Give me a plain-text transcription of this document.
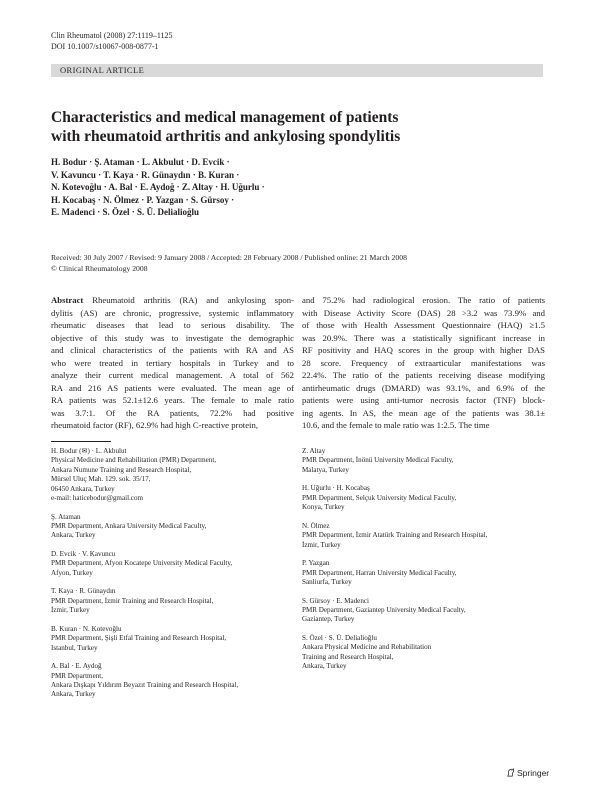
Clin Rheumatol (2008) 27:1119–1125
DOI 10.1007/s10067-008-0877-1
ORIGINAL ARTICLE
Characteristics and medical management of patients
with rheumatoid arthritis and ankylosing spondylitis
H. Bodur · Ş. Ataman · L. Akbulut · D. Evcik ·
V. Kavuncu · T. Kaya · R. Günaydın · B. Kuran ·
N. Kotevoğlu · A. Bal · E. Aydoğ · Z. Altay · H. Uğurlu ·
H. Kocabaş · N. Ölmez · P. Yazgan · S. Gürsoy ·
E. Madenci · S. Özel · S. Ü. Delialioğlu
Received: 30 July 2007 / Revised: 9 January 2008 / Accepted: 28 February 2008 / Published online: 21 March 2008
© Clinical Rheumatology 2008
Abstract Rheumatoid arthritis (RA) and ankylosing spon-
dylitis (AS) are chronic, progressive, systemic inflammatory
rheumatic diseases that lead to serious disability. The
objective of this study was to investigate the demographic
and clinical characteristics of the patients with RA and AS
who were treated in tertiary hospitals in Turkey and to
analyze their current medical management. A total of 562
RA and 216 AS patients were evaluated. The mean age of
RA patients was 52.1±12.6 years. The female to male ratio
was 3.7:1. Of the RA patients, 72.2% had positive
rheumatoid factor (RF), 62.9% had high C-reactive protein,
and 75.2% had radiological erosion. The ratio of patients
with Disease Activity Score (DAS) 28 >3.2 was 73.9% and
of those with Health Assessment Questionnaire (HAQ) ≥1.5
was 20.9%. There was a statistically significant increase in
RF positivity and HAQ scores in the group with higher DAS
28 score. Frequency of extraarticular manifestations was
22.4%. The ratio of the patients receiving disease modifying
antirheumatic drugs (DMARD) was 93.1%, and 6.9% of the
patients were using anti-tumor necrosis factor (TNF) block-
ing agents. In AS, the mean age of the patients was 38.1±
10.6, and the female to male ratio was 1:2.5. The time
H. Bodur (✉) · L. Akbulut
Physical Medicine and Rehabilitation (PMR) Department,
Ankara Numune Training and Research Hospital,
Mürsel Uluç Mah. 129. sok. 35/17,
06450 Ankara, Turkey
e-mail: haticebodur@gmail.com
Ş. Ataman
PMR Department, Ankara University Medical Faculty,
Ankara, Turkey
D. Evcik · V. Kavuncu
PMR Department, Afyon Kocatepe University Medical Faculty,
Afyon, Turkey
T. Kaya · R. Günaydın
PMR Department, İzmir Training and Research Hospital,
İzmir, Turkey
B. Kuran · N. Kotevoğlu
PMR Department, Şişli Etfal Training and Research Hospital,
Istanbul, Turkey
A. Bal · E. Aydoğ
PMR Department,
Ankara Dışkapı Yıldırım Beyazıt Training and Research Hospital,
Ankara, Turkey
Z. Altay
PMR Department, İnönü University Medical Faculty,
Malatya, Turkey
H. Uğurlu · H. Kocabaş
PMR Department, Selçuk University Medical Faculty,
Konya, Turkey
N. Ölmez
PMR Department, İzmir Atatürk Training and Research Hospital,
İzmir, Turkey
P. Yazgan
PMR Department, Harran University Medical Faculty,
Sanliurfa, Turkey
S. Gürsoy · E. Madenci
PMR Department, Gaziantep University Medical Faculty,
Gaziantep, Turkey
S. Özel · S. Ü. Delialioğlu
Ankara Physical Medicine and Rehabilitation
Training and Research Hospital,
Ankara, Turkey
Springer
